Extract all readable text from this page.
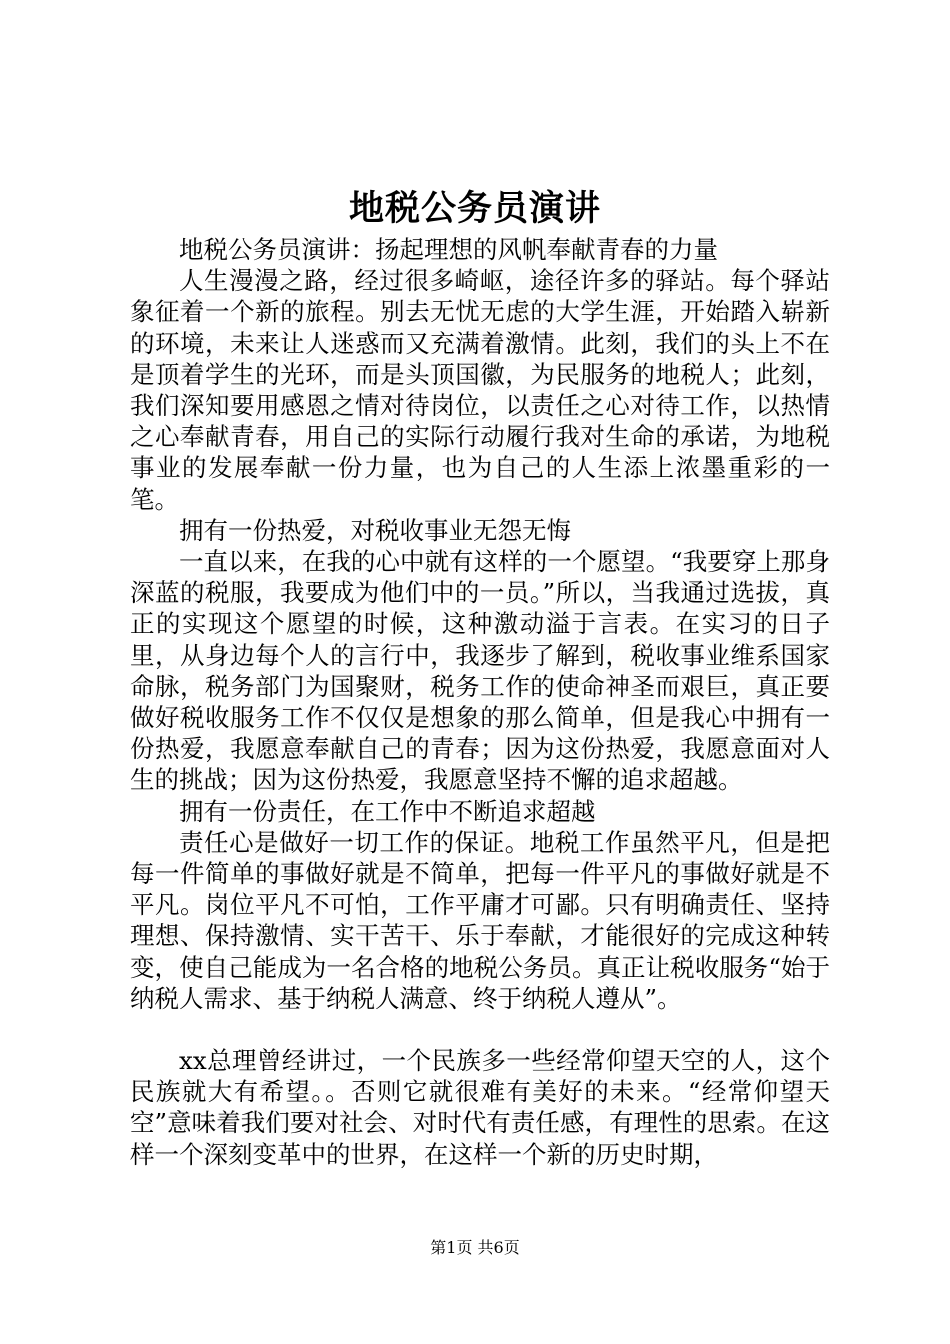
地税公务员演讲

地税公务员演讲：扬起理想的风帆奉献青春的力量

人生漫漫之路，经过很多崎岖，途径许多的驿站。每个驿站象征着一个新的旅程。别去无忧无虑的大学生涯，开始踏入崭新的环境，未来让人迷惑而又充满着激情。此刻，我们的头上不在是顶着学生的光环，而是头顶国徽，为民服务的地税人；此刻，我们深知要用感恩之情对待岗位，以责任之心对待工作，以热情之心奉献青春，用自己的实际行动履行我对生命的承诺，为地税事业的发展奉献一份力量，也为自己的人生添上浓墨重彩的一笔。

拥有一份热爱，对税收事业无怨无悔

一直以来，在我的心中就有这样的一个愿望。“我要穿上那身深蓝的税服，我要成为他们中的一员。”所以，当我通过选拔，真正的实现这个愿望的时候，这种激动溢于言表。在实习的日子里，从身边每个人的言行中，我逐步了解到，税收事业维系国家命脉，税务部门为国聚财，税务工作的使命神圣而艰巨，真正要做好税收服务工作不仅仅是想象的那么简单，但是我心中拥有一份热爱，我愿意奉献自己的青春；因为这份热爱，我愿意面对人生的挑战；因为这份热爱，我愿意坚持不懈的追求超越。

拥有一份责任，在工作中不断追求超越

责任心是做好一切工作的保证。地税工作虽然平凡，但是把每一件简单的事做好就是不简单，把每一件平凡的事做好就是不平凡。岗位平凡不可怕，工作平庸才可鄙。只有明确责任、坚持理想、保持激情、实干苦干、乐于奉献，才能很好的完成这种转变，使自己能成为一名合格的地税公务员。真正让税收服务“始于纳税人需求、基于纳税人满意、终于纳税人遵从”。

xx总理曾经讲过，一个民族多一些经常仰望天空的人，这个民族就大有希望。。否则它就很难有美好的未来。“经常仰望天空”意味着我们要对社会、对时代有责任感，有理性的思索。在这样一个深刻变革中的世界，在这样一个新的历史时期，

第1页 共6页
